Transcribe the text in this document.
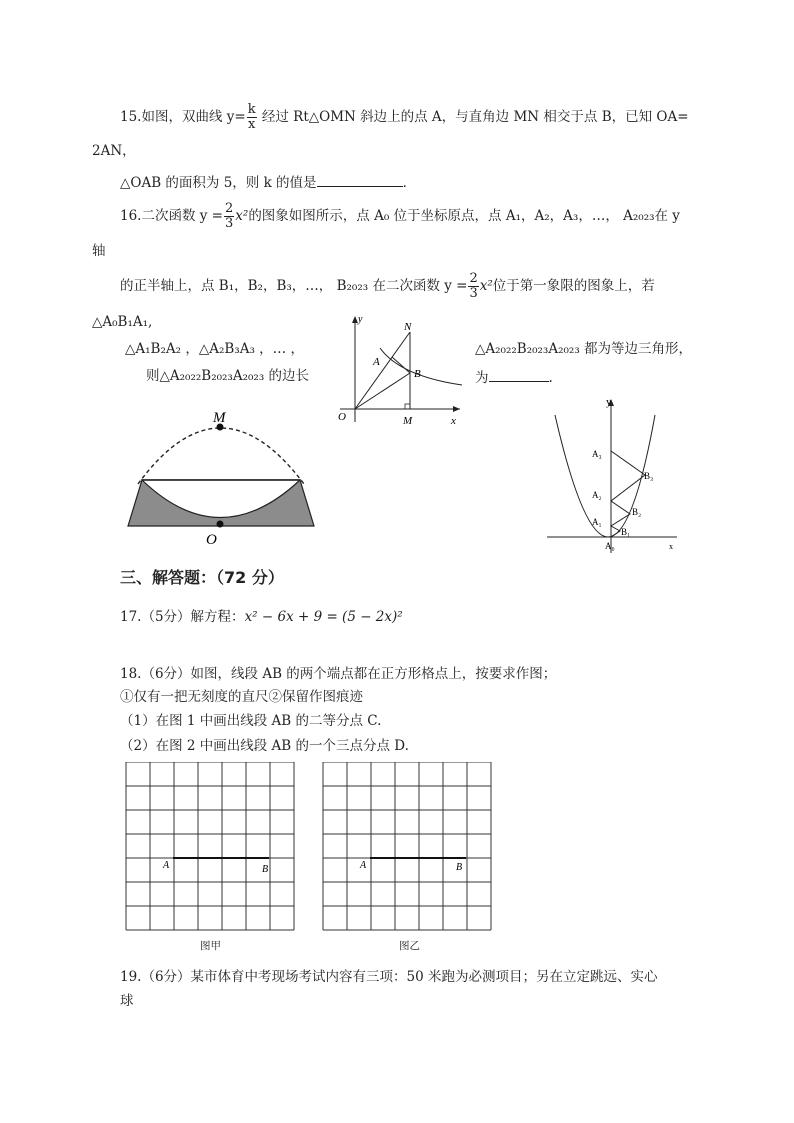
15.如图，双曲线 $y= \frac{k}{x}$ 经过 Rt△OMN 斜边上的点 A，与直角边 MN 相交于点 B，已知 OA=
2AN，
△OAB 的面积为 5，则 k 的值是	．
16.二次函数 $y = \frac{2}{3} x^2$的图象如图所示，点 A₀ 位于坐标原点，点 A₁，A₂，A₃，…， A₂₀₂₃在 y
轴
的正半轴上，点 B₁，B₂，B₃，…， B₂₀₂₃ 在二次函数 $y = \frac{2}{3} x^2$位于第一象限的图象上，若
△A₀B₁A₁,
△A₁B₂A₂ ，△A₂B₃A₃ ，… ，	△A₂₀₂₂B₂₀₂₃A₂₀₂₃ 都为等边三角形，
则△A₂₀₂₂B₂₀₂₃A₂₀₂₃ 的边长	为	.
N
A
B
O	M	x
y
M
O
y
x
A₀
A₁
A₂
A₃
B₁
B₂
B₃
三、解答题：（72 分）
17.（5分）解方程：x² − 6x + 9 = (5 − 2x)²
18.（6分）如图，线段 AB 的两个端点都在正方形格点上，按要求作图；
①仅有一把无刻度的直尺②保留作图痕迹
（1）在图 1 中画出线段 AB 的二等分点 C.
（2）在图 2 中画出线段 AB 的一个三点分点 D.
A	B
图甲
A	B
图乙
19.（6分）某市体育中考现场考试内容有三项：50 米跑为必测项目；另在立定跳远、实心
球
